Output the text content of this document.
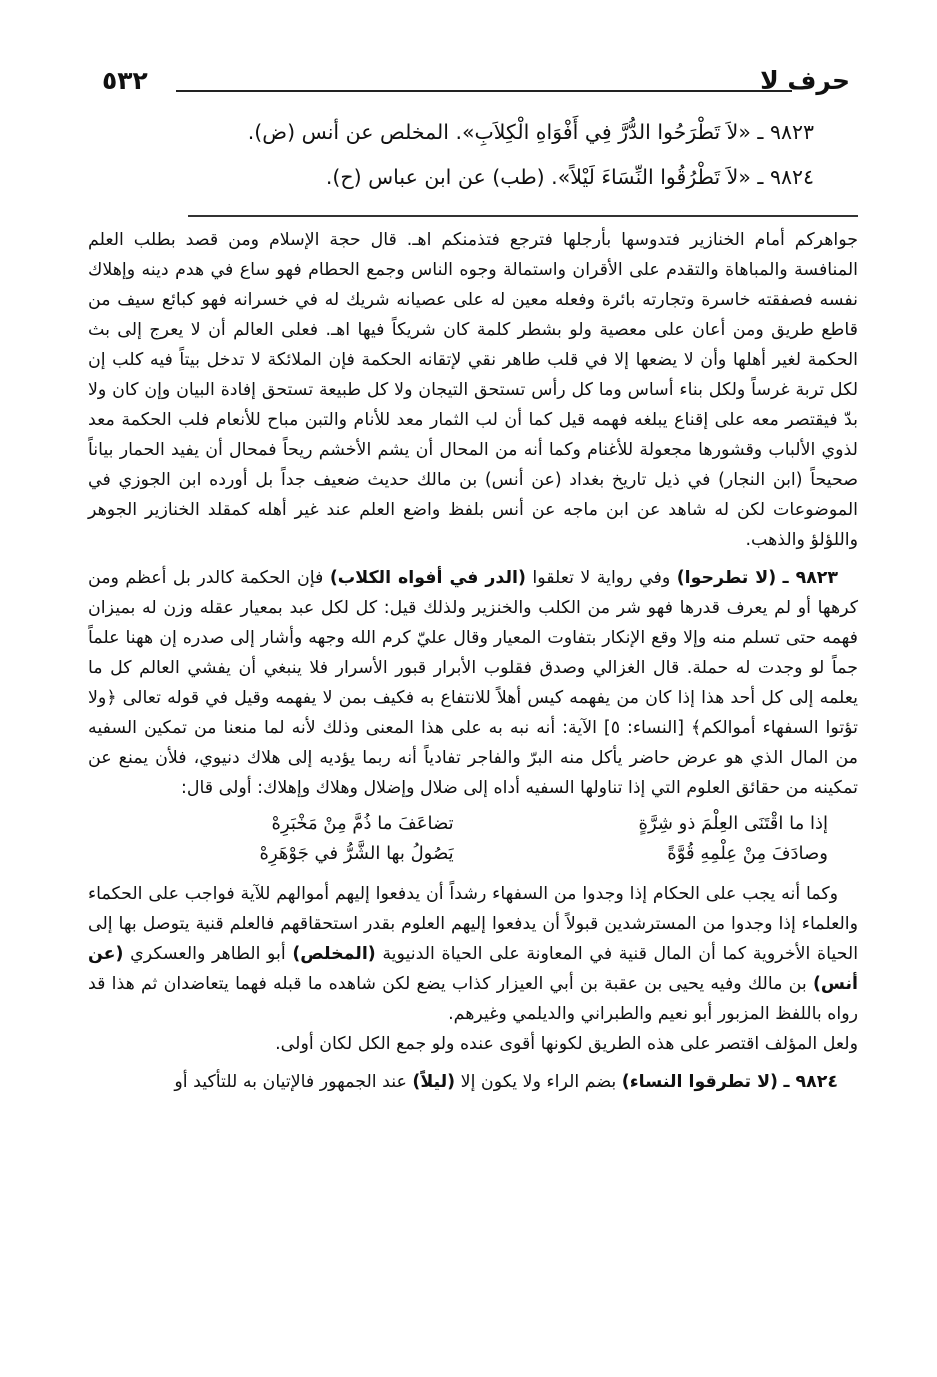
حرف لا
٥٣٢
٩٨٢٣ ـ «لاَ تَطْرَحُوا الدُّرَّ فِي أَفْوَاهِ الْكِلاَبِ». المخلص عن أنس (ض).
٩٨٢٤ ـ «لاَ تَطْرُقُوا النِّسَاءَ لَيْلاً». (طب) عن ابن عباس (ح).

جواهركم أمام الخنازير فتدوسها بأرجلها فترجع فتذمنكم اهـ. قال حجة الإسلام ومن قصد بطلب العلم المنافسة والمباهاة والتقدم على الأقران واستمالة وجوه الناس وجمع الحطام فهو ساع في هدم دينه وإهلاك نفسه فصفقته خاسرة وتجارته بائرة وفعله معين له على عصيانه شريك له في خسرانه فهو كبائع سيف من قاطع طريق ومن أعان على معصية ولو بشطر كلمة كان شريكاً فيها اهـ. فعلى العالم أن لا يعرج إلى بث الحكمة لغير أهلها وأن لا يضعها إلا في قلب طاهر نقي لإتقانه الحكمة فإن الملائكة لا تدخل بيتاً فيه كلب إن لكل تربة غرساً ولكل بناء أساس وما كل رأس تستحق التيجان ولا كل طبيعة تستحق إفادة البيان وإن كان ولا بدّ فيقتصر معه على إقناع يبلغه فهمه قيل كما أن لب الثمار معد للأنام والتبن مباح للأنعام فلب الحكمة معد لذوي الألباب وقشورها مجعولة للأغنام وكما أنه من المحال أن يشم الأخشم ريحاً فمحال أن يفيد الحمار بياناً صحيحاً (ابن النجار) في ذيل تاريخ بغداد (عن أنس) بن مالك حديث ضعيف جداً بل أورده ابن الجوزي في الموضوعات لكن له شاهد عن ابن ماجه عن أنس بلفظ واضع العلم عند غير أهله كمقلد الخنازير الجوهر واللؤلؤ والذهب.

٩٨٢٣ ـ (لا تطرحوا) وفي رواية لا تعلقوا (الدر في أفواه الكلاب) فإن الحكمة كالدر بل أعظم ومن كرهها أو لم يعرف قدرها فهو شر من الكلب والخنزير ولذلك قيل: كل لكل عبد بمعيار عقله وزن له بميزان فهمه حتى تسلم منه وإلا وقع الإنكار بتفاوت المعيار وقال عليّ كرم الله وجهه وأشار إلى صدره إن ههنا علماً جماً لو وجدت له حملة. قال الغزالي وصدق فقلوب الأبرار قبور الأسرار فلا ينبغي أن يفشي العالم كل ما يعلمه إلى كل أحد هذا إذا كان من يفهمه كيس أهلاً للانتفاع به فكيف بمن لا يفهمه وقيل في قوله تعالى ﴿ولا تؤتوا السفهاء أموالكم﴾ [النساء: ٥] الآية: أنه نبه به على هذا المعنى وذلك لأنه لما منعنا من تمكين السفيه من المال الذي هو عرض حاضر يأكل منه البرّ والفاجر تفادياً أنه ربما يؤديه إلى هلاك دنيوي، فلأن يمنع عن تمكينه من حقائق العلوم التي إذا تناولها السفيه أداه إلى ضلال وإضلال وهلاك وإهلاك: أولى قال:

إذا ما اقْتَنَى العِلْمَ ذو شِرَّةٍ
تضاعَفَ ما ذُمَّ مِنْ مَخْبَرِهْ
وصادَفَ مِنْ عِلْمِهِ قُوَّةً
يَصُولُ بها الشَّرُّ في جَوْهَرِهْ

وكما أنه يجب على الحكام إذا وجدوا من السفهاء رشداً أن يدفعوا إليهم أموالهم للآية فواجب على الحكماء والعلماء إذا وجدوا من المسترشدين قبولاً أن يدفعوا إليهم العلوم بقدر استحقاقهم فالعلم قنية يتوصل بها إلى الحياة الأخروية كما أن المال قنية في المعاونة على الحياة الدنيوية (المخلص) أبو الطاهر والعسكري (عن أنس) بن مالك وفيه يحيى بن عقبة بن أبي العيزار كذاب يضع لكن شاهده ما قبله فهما يتعاضدان ثم هذا قد رواه باللفظ المزبور أبو نعيم والطبراني والديلمي وغيرهم.

ولعل المؤلف اقتصر على هذه الطريق لكونها أقوى عنده ولو جمع الكل لكان أولى.

٩٨٢٤ ـ (لا تطرقوا النساء) بضم الراء ولا يكون إلا (ليلاً) عند الجمهور فالإتيان به للتأكيد أو
